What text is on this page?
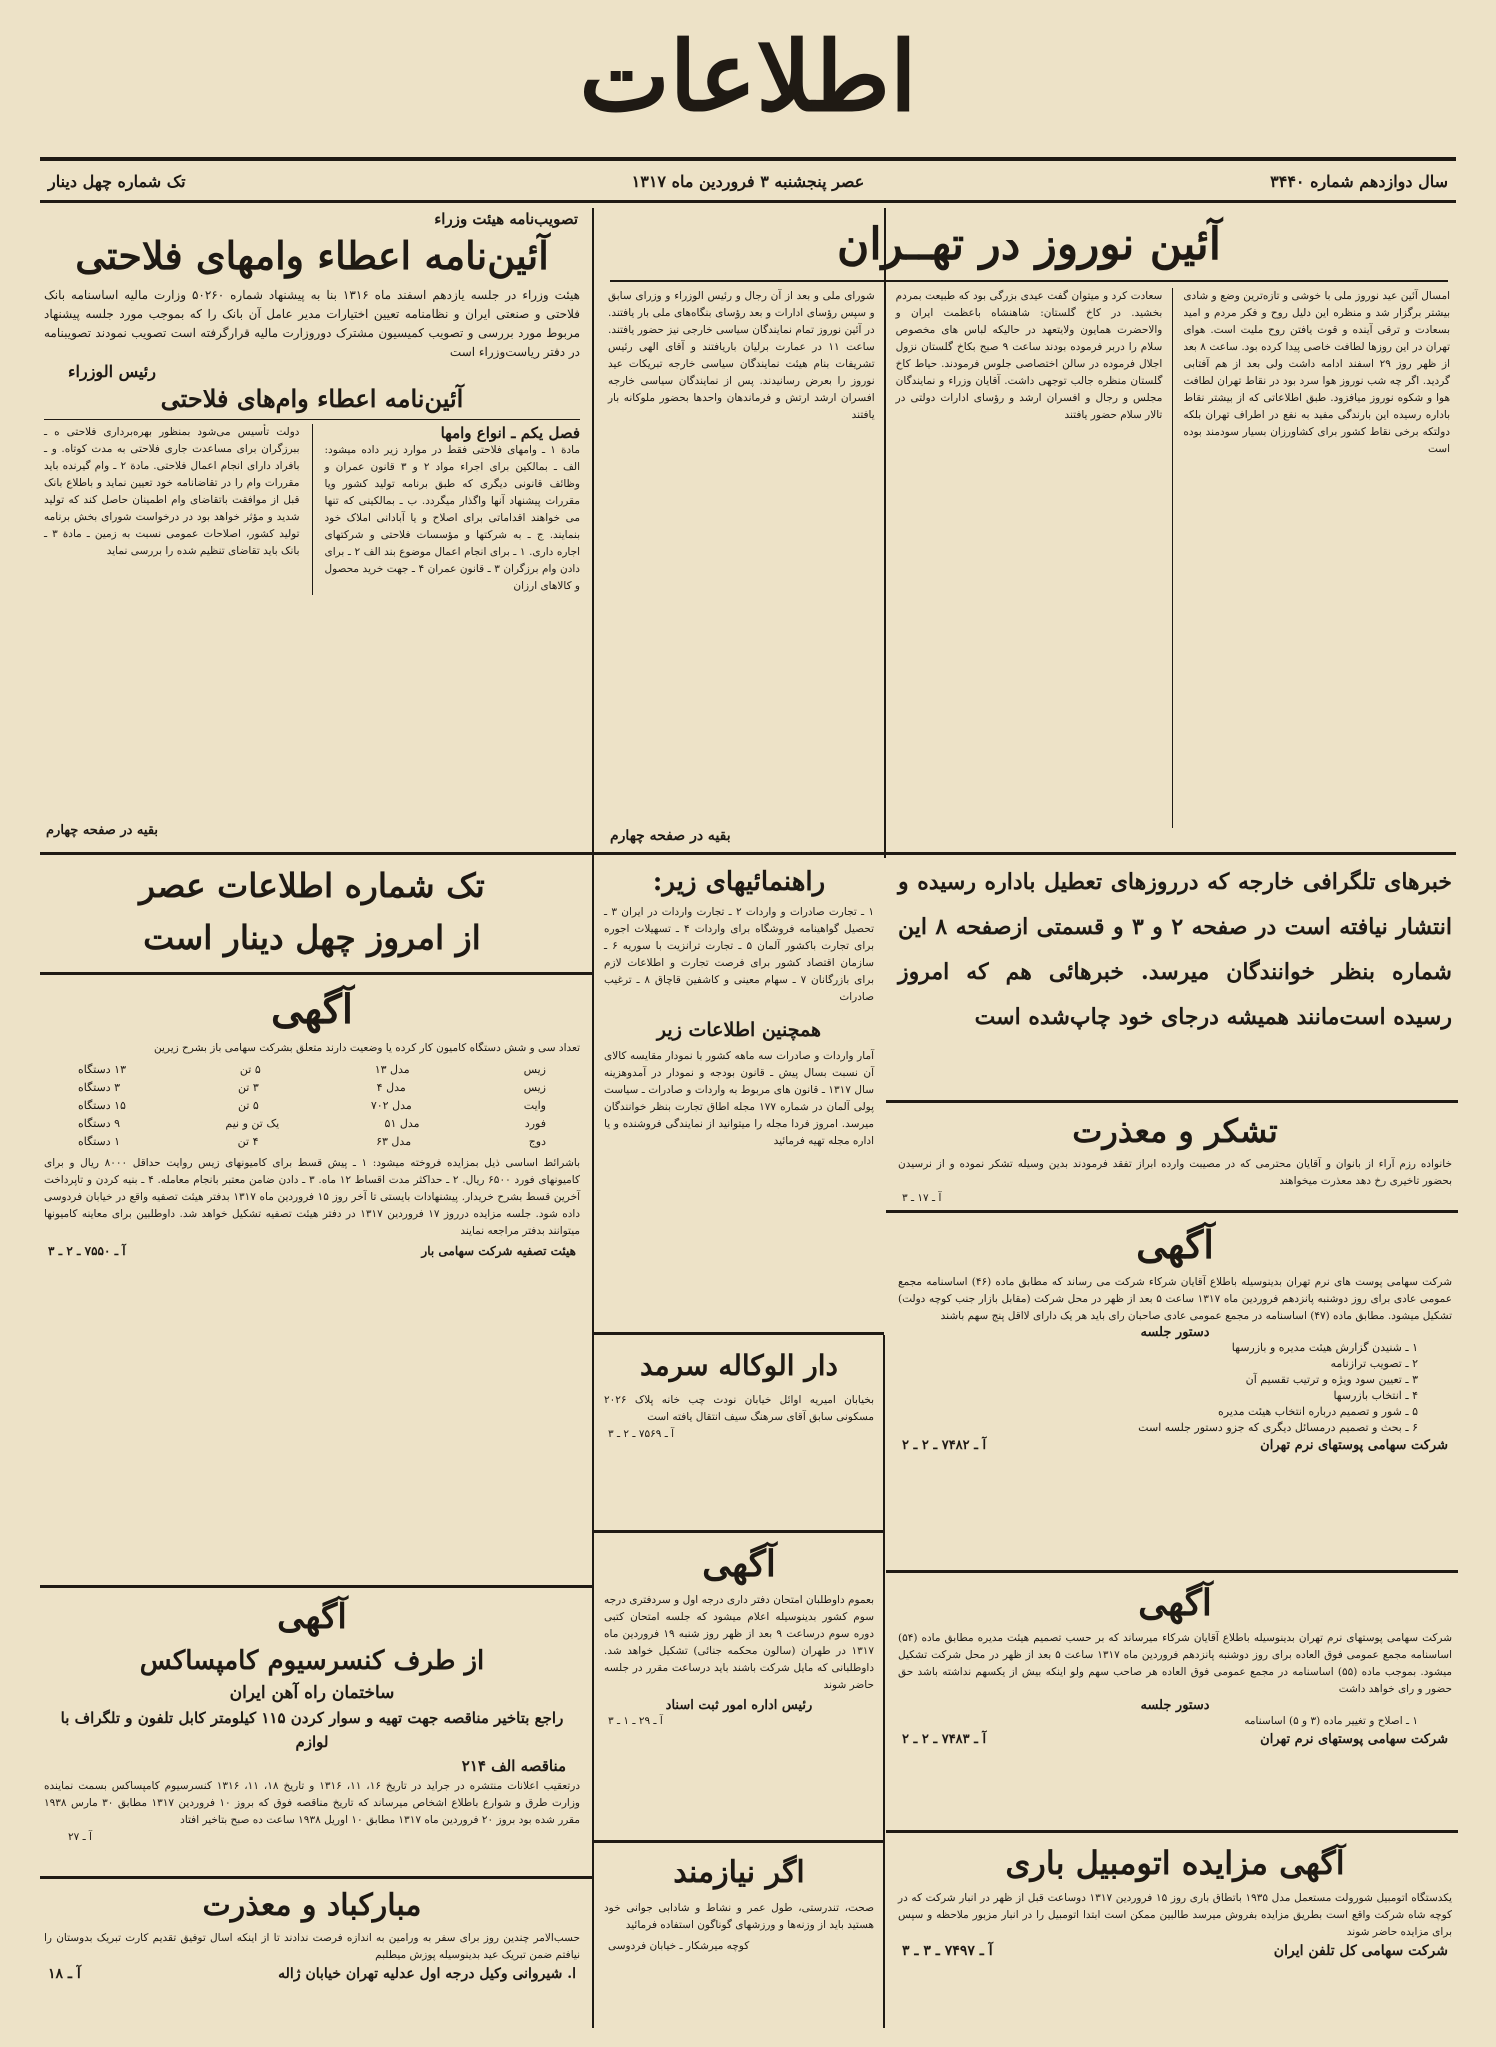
اطلاعات
سال دوازدهم شماره ۳۴۴۰
عصر پنجشنبه ۳ فروردین ماه ۱۳۱۷
تک شماره چهل دینار
تصویب‌نامه هیئت وزراء
آئین‌نامه اعطاء وامهای فلاحتی
هیئت وزراء در جلسه یازدهم اسفند ماه ۱۳۱۶ بنا به پیشنهاد شماره ۵۰۲۶۰ وزارت مالیه اساسنامه بانک فلاحتی و صنعتی ایران و نظامنامه تعیین اختیارات مدیر عامل آن بانک را که بموجب مورد جلسه پیشنهاد مربوط مورد بررسی و تصویب کمیسیون مشترک دوروزارت مالیه قرارگرفته است تصویب نمودند تصویبنامه در دفتر ریاست‌وزراء است
رئیس الوزراء
آئین‌نامه اعطاء وام‌های فلاحتی
فصل یکم ـ انواع وامها
مادة ۱ ـ وامهای فلاحتی فقط در موارد زیر داده میشود: الف ـ بمالکین برای اجراء مواد ۲ و ۳ قانون عمران و وظائف قانونی دیگری که طبق برنامه تولید کشور ویا مقررات پیشنهاد آنها واگذار میگردد. ب ـ بمالکینی که تنها می خواهند اقداماتی برای اصلاح و یا آبادانی املاک خود بنمایند. ج ـ به شرکتها و مؤسسات فلاحتی و شرکتهای اجاره داری. ۱ ـ برای انجام اعمال موضوع بند الف ۲ ـ برای دادن وام برزگران ۳ ـ قانون عمران ۴ ـ جهت خرید محصول و کالاهای ارزان
دولت تأسیس می‌شود بمنظور بهره‌برداری فلاحتی ه ـ ببرزگران برای مساعدت جاری فلاحتی به مدت کوتاه. و ـ بافراد دارای انجام اعمال فلاحتی. مادة ۲ ـ وام گیرنده باید مقررات وام را در تقاضانامه خود تعیین نماید و باطلاع بانک قبل از موافقت باتقاضای وام اطمینان حاصل کند که تولید شدید و مؤثر خواهد بود در درخواست شورای بخش برنامه تولید کشور، اصلاحات عمومی نسبت به زمین ـ مادة ۳ ـ بانک باید تقاضای تنظیم شده را بررسی نماید
بقیه در صفحه چهارم
آئین نوروز در تهــران
امسال آئین عید نوروز ملی با خوشی و تازه‌ترین وضع و شادی بیشتر برگزار شد و منظره این دلیل روح و فکر مردم و امید بسعادت و ترقی آینده و قوت یافتن روح ملیت است. هوای تهران در این روزها لطافت خاصی پیدا کرده بود. ساعت ۸ بعد از ظهر روز ۲۹ اسفند ادامه داشت ولی بعد از هم آفتابی گردید. اگر چه شب نوروز هوا سرد بود در نقاط تهران لطافت هوا و شکوه نوروز میافزود. طبق اطلاعاتی که از بیشتر نقاط باداره رسیده این بارندگی مفید به نفع در اطراف تهران بلکه دولتکه برخی نقاط کشور برای کشاورزان بسیار سودمند بوده است
سعادت کرد و میتوان گفت عیدی بزرگی بود که طبیعت بمردم بخشید. در کاخ گلستان: شاهنشاه باعظمت ایران و والاحضرت همایون ولایتعهد در حالیکه لباس های مخصوص سلام را دربر فرموده بودند ساعت ۹ صبح بکاخ گلستان نزول اجلال فرموده در سالن اختصاصی جلوس فرمودند. حیاط کاخ گلستان منظره جالب توجهی داشت. آقایان وزراء و نمایندگان مجلس و رجال و افسران ارشد و رؤسای ادارات دولتی در تالار سلام حضور یافتند
شورای ملی و بعد از آن رجال و رئیس الوزراء و وزرای سابق و سپس رؤسای ادارات و بعد رؤسای بنگاه‌های ملی بار یافتند. در آئین نوروز تمام نمایندگان سیاسی خارجی نیز حضور یافتند. ساعت ۱۱ در عمارت برلیان باریافتند و آقای الهی رئیس تشریفات بنام هیئت نمایندگان سیاسی خارجه تبریکات عید نوروز را بعرض رسانیدند. پس از نمایندگان سیاسی خارجه افسران ارشد ارتش و فرماندهان واحدها بحضور ملوکانه بار یافتند
بقیه در صفحه چهارم
تک شماره اطلاعات عصر
از امروز چهل دینار است
راهنمائیهای زیر:
۱ ـ تجارت صادرات و واردات ۲ ـ تجارت واردات در ایران ۳ ـ تحصیل گواهینامه فروشگاه برای واردات ۴ ـ تسهیلات اجوره برای تجارت باکشور آلمان ۵ ـ تجارت ترانزیت با سوریه ۶ ـ سازمان اقتصاد کشور برای فرصت تجارت و اطلاعات لازم برای بازرگانان ۷ ـ سهام معینی و کاشفین قاچاق ۸ ـ ترغیب صادرات
همچنین اطلاعات زیر
آمار واردات و صادرات سه ماهه کشور با نمودار مقایسه کالای آن نسبت بسال پیش ـ قانون بودجه و نمودار در آمدوهزینه سال ۱۳۱۷ ـ قانون های مربوط به واردات و صادرات ـ سیاست پولی آلمان در شماره ۱۷۷ مجله اطاق تجارت بنظر خوانندگان میرسد. امروز فردا مجله را میتوانید از نمایندگی فروشنده و یا اداره مجله تهیه فرمائید
خبرهای تلگرافی خارجه که درروزهای تعطیل باداره رسیده و انتشار نیافته است در صفحه ۲ و ۳ و قسمتی ازصفحه ۸ این شماره بنظر خوانندگان میرسد. خبرهائی هم که امروز رسیده است‌مانند همیشه درجای خود چاپ‌شده است
تشکر و معذرت
خانواده رزم آراء از بانوان و آقایان محترمی که در مصیبت وارده ابراز تفقد فرمودند بدین وسیله تشکر نموده و از نرسیدن بحضور تاخیری رخ دهد معذرت میخواهند
آ ـ ۱۷ ـ ۳
آگهی
تعداد سی و شش دستگاه کامیون کار کرده یا وضعیت دارند متعلق بشرکت سهامی باز بشرح زیرین
زیس
مدل ۱۳
۵ تن
۱۳ دستگاه
زیس
مدل ۴
۳ تن
۳ دستگاه
وایت
مدل ۷۰۲
۵ تن
۱۵ دستگاه
فورد
مدل ۵۱
یک تن و نیم
۹ دستگاه
دوج
مدل ۶۳
۴ تن
۱ دستگاه
باشرائط اساسی ذیل بمزایده فروخته میشود: ۱ ـ پیش قسط برای کامیونهای زیس روایت حداقل ۸۰۰۰ ریال و برای کامیونهای فورد ۶۵۰۰ ریال. ۲ ـ حداکثر مدت اقساط ۱۲ ماه. ۳ ـ دادن ضامن معتبر بانجام معامله. ۴ ـ بنیه کردن و تاپرداخت آخرین قسط بشرح خریدار. پیشنهادات بایستی تا آخر روز ۱۵ فروردین ماه ۱۳۱۷ بدفتر هیئت تصفیه واقع در خیابان فردوسی داده شود. جلسه مزایده درروز ۱۷ فروردین ۱۳۱۷ در دفتر هیئت تصفیه تشکیل خواهد شد. داوطلبین برای معاینه کامیونها میتوانند بدفتر مراجعه نمایند
هیئت تصفیه شرکت سهامی بار
آ ـ ۷۵۵۰ ـ ۲ ـ ۳
دار الوکاله سرمد
بخیابان امیریه اوائل خیابان نودت چب خانه پلاک ۲۰۲۶ مسکونی سابق آقای سرهنگ سیف انتقال یافته است
آ ـ ۷۵۶۹ ـ ۲ ـ ۳
آگهی
بعموم داوطلبان امتحان دفتر داری درجه اول و سردفتری درجه سوم کشور بدینوسیله اعلام میشود که جلسه امتحان کتبی دوره سوم درساعت ۹ بعد از ظهر روز شنبه ۱۹ فروردین ماه ۱۳۱۷ در طهران (سالون محکمه جنائی) تشکیل خواهد شد. داوطلبانی که مایل شرکت باشند باید درساعت مقرر در جلسه حاضر شوند
رئیس اداره امور ثبت اسناد
آ ـ ۲۹ ـ ۱ ـ ۳
آگهی
شرکت سهامی پوست های نرم تهران بدینوسیله باطلاع آقایان شرکاء شرکت می رساند که مطابق ماده (۴۶) اساسنامه مجمع عمومی عادی برای روز دوشنبه پانزدهم فروردین ماه ۱۳۱۷ ساعت ۵ بعد از ظهر در محل شرکت (مقابل بازار جنب کوچه دولت) تشکیل میشود. مطابق ماده (۴۷) اساسنامه در مجمع عمومی عادی صاحبان رای باید هر یک دارای لااقل پنج سهم باشند
دستور جلسه
۱ ـ شنیدن گزارش هیئت مدیره و بازرسها
۲ ـ تصویب ترازنامه
۳ ـ تعیین سود ویژه و ترتیب تقسیم آن
۴ ـ انتخاب بازرسها
۵ ـ شور و تصمیم درباره انتخاب هیئت مدیره
۶ ـ بحث و تصمیم درمسائل دیگری که جزو دستور جلسه است
شرکت سهامی پوستهای نرم تهران
آ ـ ۷۴۸۲ ـ ۲ ـ ۲
آگهی
شرکت سهامی پوستهای نرم تهران بدینوسیله باطلاع آقایان شرکاء میرساند که بر حسب تصمیم هیئت مدیره مطابق ماده (۵۴) اساسنامه مجمع عمومی فوق العاده برای روز دوشنبه پانزدهم فروردین ماه ۱۳۱۷ ساعت ۵ بعد از ظهر در محل شرکت تشکیل میشود. بموجب ماده (۵۵) اساسنامه در مجمع عمومی فوق العاده هر صاحب سهم ولو اینکه بیش از یکسهم نداشته باشد حق حضور و رای خواهد داشت
دستور جلسه
۱ ـ اصلاح و تغییر ماده (۳ و ۵) اساسنامه
شرکت سهامی پوستهای نرم تهران
آ ـ ۷۴۸۳ ـ ۲ ـ ۲
آگهی
از طرف کنسرسیوم کامپساکس
ساختمان راه آهن ایران
راجع بتاخیر مناقصه جهت تهیه و سوار کردن ۱۱۵ کیلومتر کابل تلفون و تلگراف با لوازم
مناقصه الف ۲۱۴
درتعقیب اعلانات منتشره در جراید در تاریخ ۱۶، ۱۱، ۱۳۱۶ و تاریخ ۱۸، ۱۱، ۱۳۱۶ کنسرسیوم کامپساکس بسمت نماینده وزارت طرق و شوارع باطلاع اشخاص میرساند که تاریخ مناقصه فوق که بروز ۱۰ فروردین ۱۳۱۷ مطابق ۳۰ مارس ۱۹۳۸ مقرر شده بود بروز ۲۰ فروردین ماه ۱۳۱۷ مطابق ۱۰ اوریل ۱۹۳۸ ساعت ده صبح بتاخیر افتاد
آ ـ ۲۷
مبارکباد و معذرت
حسب‌الامر چندین روز برای سفر به ورامین به اندازه فرصت ندادند تا از اینکه اسال توفیق تقدیم کارت تبریک بدوستان را نیافتم ضمن تبریک عید بدینوسیله پوزش میطلبم
ا. شیروانی وکیل درجه اول عدلیه تهران خیابان ژاله
آ ـ ۱۸
اگر نیازمند
صحت، تندرستی، طول عمر و نشاط و شادابی جوانی خود هستید باید از وزنه‌ها و ورزشهای گوناگون استفاده فرمائید
کوچه میرشکار ـ خیابان فردوسی
آگهی مزایده اتومبیل باری
یکدستگاه اتومبیل شورولت مستعمل مدل ۱۹۳۵ باتطاق باری روز ۱۵ فروردین ۱۳۱۷ دوساعت قبل از ظهر در انبار شرکت که در کوچه شاه شرکت واقع است بطریق مزایده بفروش میرسد طالبین ممکن است ابتدا اتومبیل را در انبار مزبور ملاحظه و سپس برای مزایده حاضر شوند
شرکت سهامی کل تلفن ایران
آ ـ ۷۴۹۷ ـ ۳ ـ ۳
